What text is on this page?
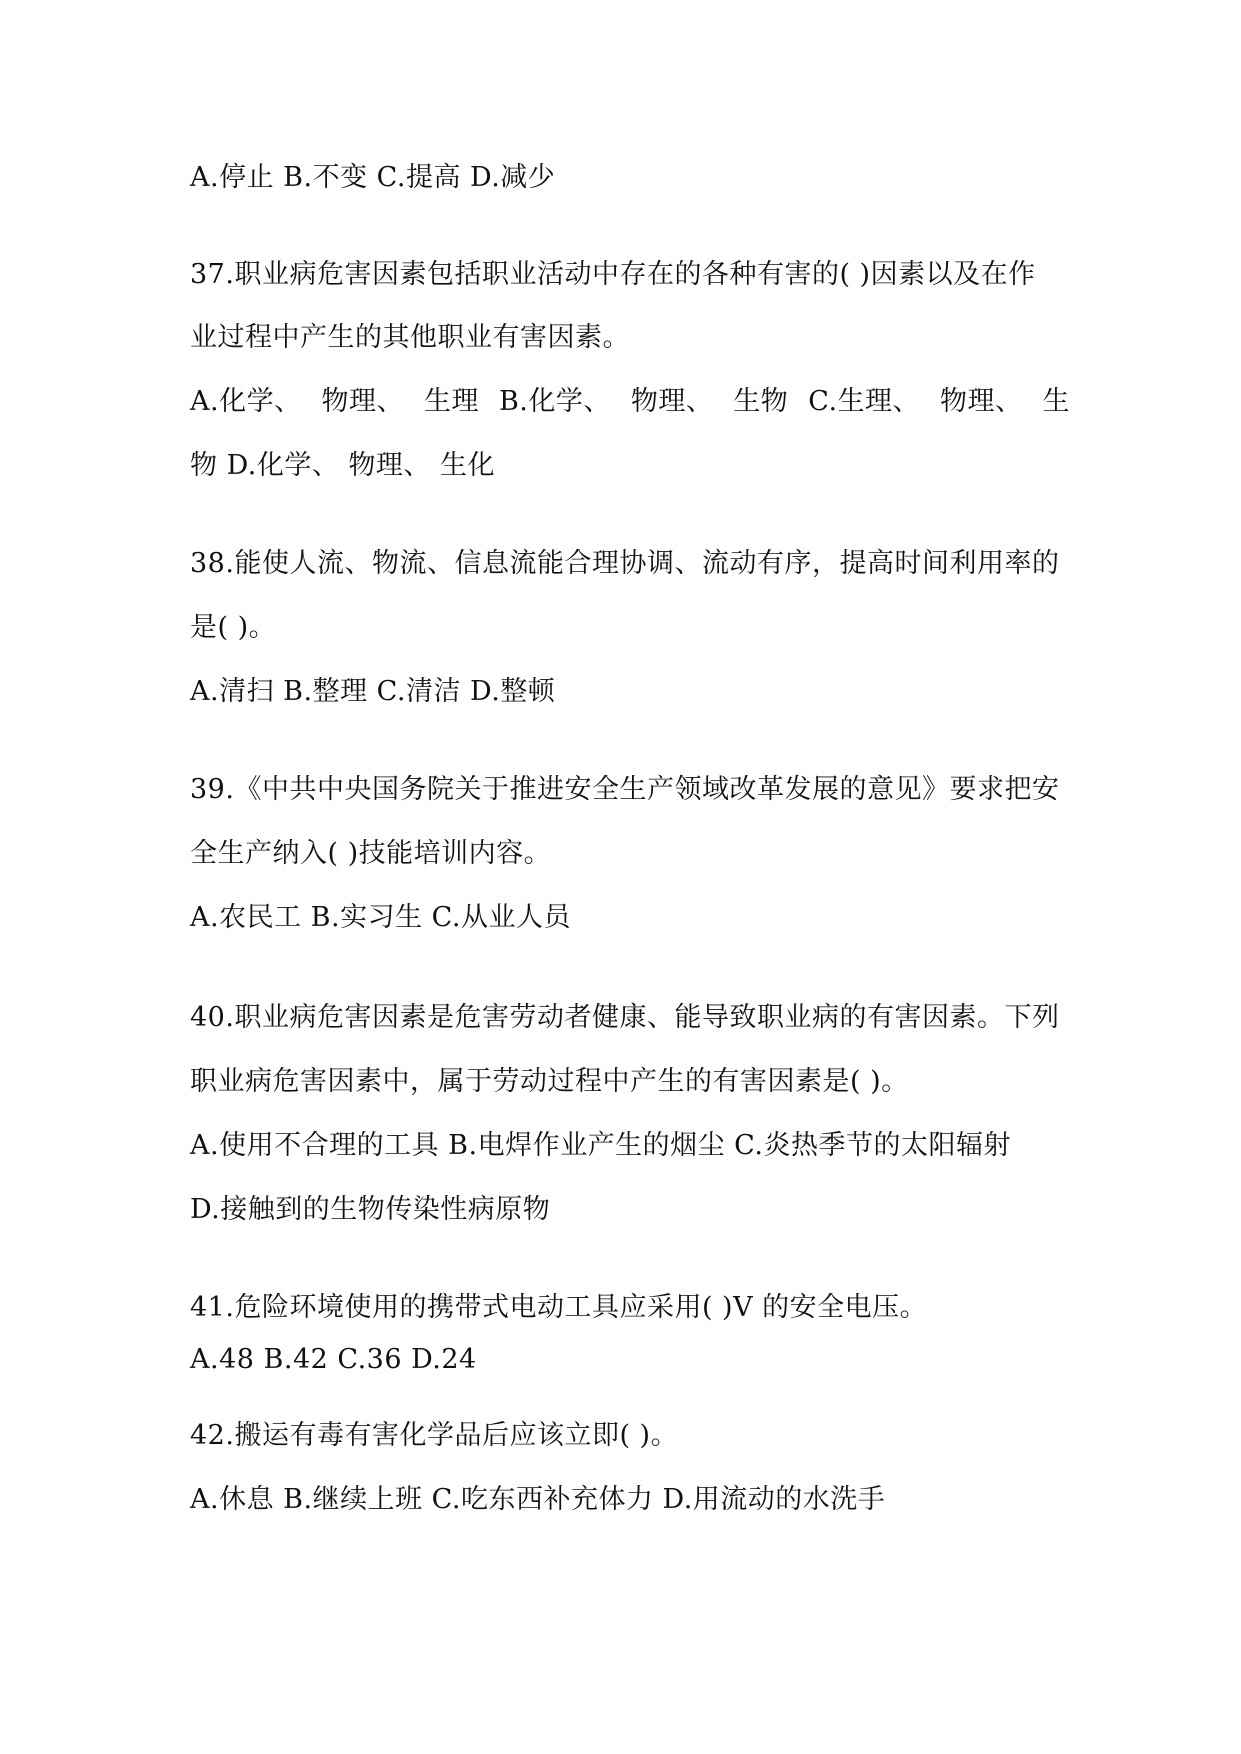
A.停止 B.不变 C.提高 D.减少
37.职业病危害因素包括职业活动中存在的各种有害的( )因素以及在作
业过程中产生的其他职业有害因素。
A.化学、 物理、 生理 B.化学、 物理、 生物 C.生理、 物理、 生
物 D.化学、 物理、 生化
38.能使人流、物流、信息流能合理协调、流动有序，提高时间利用率的
是( )。
A.清扫 B.整理 C.清洁 D.整顿
39.《中共中央国务院关于推进安全生产领域改革发展的意见》要求把安
全生产纳入( )技能培训内容。
A.农民工 B.实习生 C.从业人员
40.职业病危害因素是危害劳动者健康、能导致职业病的有害因素。下列
职业病危害因素中，属于劳动过程中产生的有害因素是( )。
A.使用不合理的工具 B.电焊作业产生的烟尘 C.炎热季节的太阳辐射
D.接触到的生物传染性病原物
41.危险环境使用的携带式电动工具应采用( )V 的安全电压。
A.48 B.42 C.36 D.24
42.搬运有毒有害化学品后应该立即( )。
A.休息 B.继续上班 C.吃东西补充体力 D.用流动的水洗手
